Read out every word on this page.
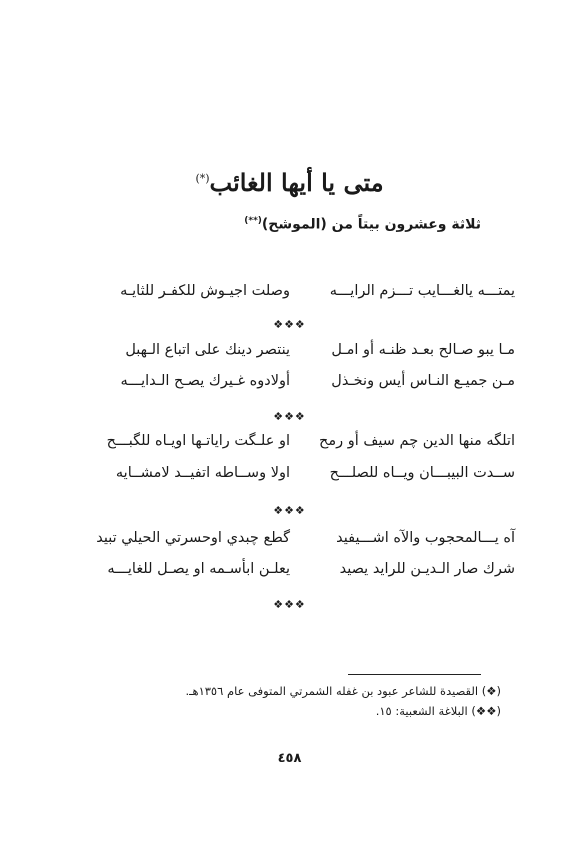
متى يا أيها الغائب(*)
ثلاثة وعشرون بيتاً من (الموشح)(**)
يمتـــه يالغـــايب تـــزم الرايـــه
وصلت اجيـوش للكفـر للثايـه
❖❖❖
مـا يبو صـالح بعـد ظنـه أو امـل
ينتصر دينك على اتباع الـهبل
مـن جميـع النـاس أيس ونخـذل
أولادوه غـيرك يصـح الـدايـــه
❖❖❖
اتلگه منها الدين چم سيف أو رمح
او علـگت راياتـها اويـاه للگبـــح
ســدت البيبـــان ويــاه للصلـــح
اولا وســاطه اتفيــد لامشــايه
❖❖❖
آه يـــالمحجوب والآه اشـــيفيد
گطع چبدي اوحسرتي الحيلي تبيد
شرك صار الـديـن للرايد يصيد
يعلـن ابأسـمه او يصـل للغايـــه
❖❖❖
(❖) القصيدة للشاعر عبود بن غفله الشمرتي المتوفى عام ١٣٥٦هـ.
(❖❖) البلاغة الشعبية: ١٥.
٤٥٨
